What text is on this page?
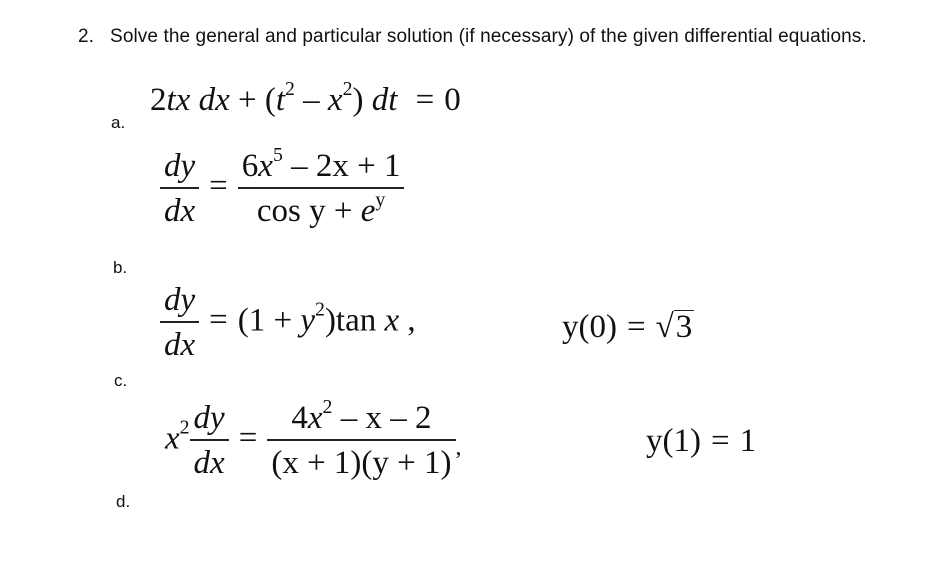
2. Solve the general and particular solution (if necessary) of the given differential equations.
a.
b.
c.
d.
2tx dx + $(t^2 - x^2)$ dt = 0
$\frac{dy}{dx} = \frac{6x^5 - 2x + 1}{\cos y + e^y}$
$\frac{dy}{dx} = (1 + y^2)\tan$ x ,	y(0) = √3
$x^2 \frac{dy}{dx} = \frac{4x^2 - x - 2}{(x + 1)(y + 1)}$ ,	y(1) = 1
